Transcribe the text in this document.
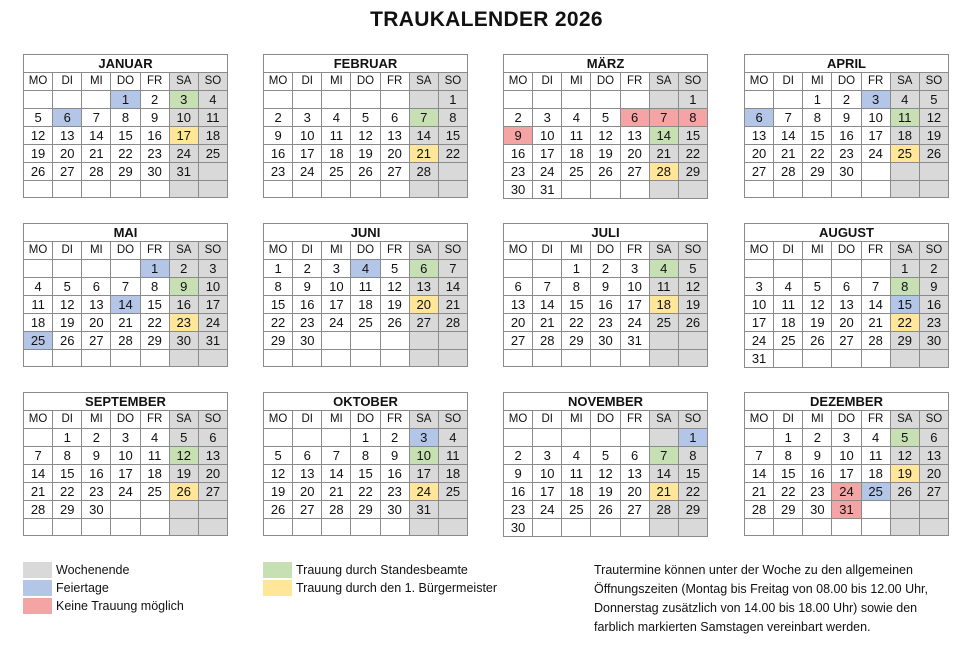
TRAUKALENDER 2026
JANUAR						
MO	DI	MI	DO	FR	SA	SO
			1	2	3	4
5	6	7	8	9	10	11
12	13	14	15	16	17	18
19	20	21	22	23	24	25
26	27	28	29	30	31	

FEBRUAR						
MO	DI	MI	DO	FR	SA	SO
						1
2	3	4	5	6	7	8
9	10	11	12	13	14	15
16	17	18	19	20	21	22
23	24	25	26	27	28	

MÄRZ						
MO	DI	MI	DO	FR	SA	SO
						1
2	3	4	5	6	7	8
9	10	11	12	13	14	15
16	17	18	19	20	21	22
23	24	25	26	27	28	29
30	31					
APRIL						
MO	DI	MI	DO	FR	SA	SO
		1	2	3	4	5
6	7	8	9	10	11	12
13	14	15	16	17	18	19
20	21	22	23	24	25	26
27	28	29	30			

MAI						
MO	DI	MI	DO	FR	SA	SO
				1	2	3
4	5	6	7	8	9	10
11	12	13	14	15	16	17
18	19	20	21	22	23	24
25	26	27	28	29	30	31

JUNI						
MO	DI	MI	DO	FR	SA	SO
1	2	3	4	5	6	7
8	9	10	11	12	13	14
15	16	17	18	19	20	21
22	23	24	25	26	27	28
29	30					

JULI						
MO	DI	MI	DO	FR	SA	SO
		1	2	3	4	5
6	7	8	9	10	11	12
13	14	15	16	17	18	19
20	21	22	23	24	25	26
27	28	29	30	31		

AUGUST						
MO	DI	MI	DO	FR	SA	SO
					1	2
3	4	5	6	7	8	9
10	11	12	13	14	15	16
17	18	19	20	21	22	23
24	25	26	27	28	29	30
31						
SEPTEMBER						
MO	DI	MI	DO	FR	SA	SO
	1	2	3	4	5	6
7	8	9	10	11	12	13
14	15	16	17	18	19	20
21	22	23	24	25	26	27
28	29	30				

OKTOBER						
MO	DI	MI	DO	FR	SA	SO
			1	2	3	4
5	6	7	8	9	10	11
12	13	14	15	16	17	18
19	20	21	22	23	24	25
26	27	28	29	30	31	

NOVEMBER						
MO	DI	MI	DO	FR	SA	SO
						1
2	3	4	5	6	7	8
9	10	11	12	13	14	15
16	17	18	19	20	21	22
23	24	25	26	27	28	29
30						
DEZEMBER						
MO	DI	MI	DO	FR	SA	SO
	1	2	3	4	5	6
7	8	9	10	11	12	13
14	15	16	17	18	19	20
21	22	23	24	25	26	27
28	29	30	31			

Wochenende
Feiertage
Keine Trauung möglich
Trauung durch Standesbeamte
Trauung durch den 1. Bürgermeister
Trautermine können unter der Woche zu den allgemeinen
Öffnungszeiten (Montag bis Freitag von 08.00 bis 12.00 Uhr,
Donnerstag zusätzlich von 14.00 bis 18.00 Uhr) sowie den
farblich markierten Samstagen vereinbart werden.
